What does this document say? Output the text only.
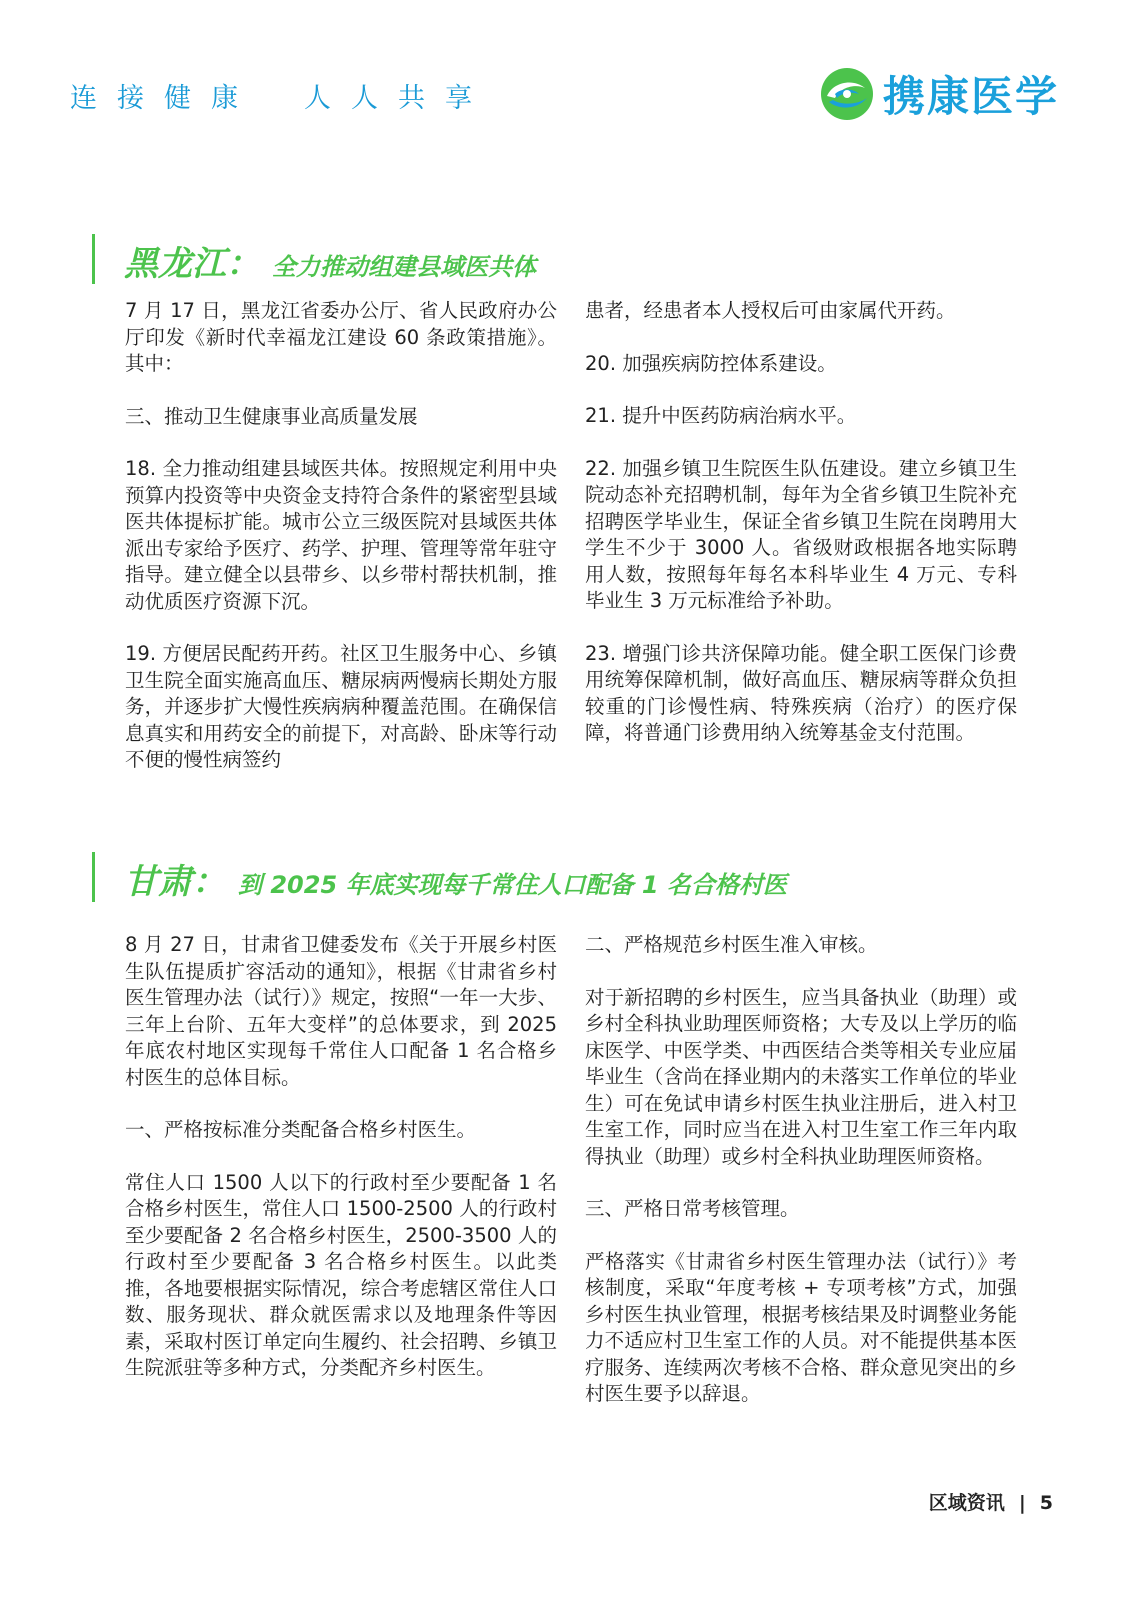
连接健康 人人共享	携康医学
黑龙江： 全力推动组建县域医共体

7 月 17 日，黑龙江省委办公厅、省人民政府办公厅印发《新时代幸福龙江建设 60 条政策措施》。其中：

三、推动卫生健康事业高质量发展

18. 全力推动组建县域医共体。按照规定利用中央预算内投资等中央资金支持符合条件的紧密型县域医共体提标扩能。城市公立三级医院对县域医共体派出专家给予医疗、药学、护理、管理等常年驻守指导。建立健全以县带乡、以乡带村帮扶机制，推动优质医疗资源下沉。

19. 方便居民配药开药。社区卫生服务中心、乡镇卫生院全面实施高血压、糖尿病两慢病长期处方服务，并逐步扩大慢性疾病病种覆盖范围。在确保信息真实和用药安全的前提下，对高龄、卧床等行动不便的慢性病签约

患者，经患者本人授权后可由家属代开药。

20. 加强疾病防控体系建设。

21. 提升中医药防病治病水平。

22. 加强乡镇卫生院医生队伍建设。建立乡镇卫生院动态补充招聘机制，每年为全省乡镇卫生院补充招聘医学毕业生，保证全省乡镇卫生院在岗聘用大学生不少于 3000 人。省级财政根据各地实际聘用人数，按照每年每名本科毕业生 4 万元、专科毕业生 3 万元标准给予补助。

23. 增强门诊共济保障功能。健全职工医保门诊费用统筹保障机制，做好高血压、糖尿病等群众负担较重的门诊慢性病、特殊疾病（治疗）的医疗保障，将普通门诊费用纳入统筹基金支付范围。

甘肃： 到 2025 年底实现每千常住人口配备 1 名合格村医

8 月 27 日，甘肃省卫健委发布《关于开展乡村医生队伍提质扩容活动的通知》，根据《甘肃省乡村医生管理办法（试行）》规定，按照“一年一大步、三年上台阶、五年大变样”的总体要求，到 2025 年底农村地区实现每千常住人口配备 1 名合格乡村医生的总体目标。

一、严格按标准分类配备合格乡村医生。

常住人口 1500 人以下的行政村至少要配备 1 名合格乡村医生，常住人口 1500-2500 人的行政村至少要配备 2 名合格乡村医生，2500-3500 人的行政村至少要配备 3 名合格乡村医生。以此类推，各地要根据实际情况，综合考虑辖区常住人口数、服务现状、群众就医需求以及地理条件等因素，采取村医订单定向生履约、社会招聘、乡镇卫生院派驻等多种方式，分类配齐乡村医生。

二、严格规范乡村医生准入审核。

对于新招聘的乡村医生，应当具备执业（助理）或乡村全科执业助理医师资格；大专及以上学历的临床医学、中医学类、中西医结合类等相关专业应届毕业生（含尚在择业期内的未落实工作单位的毕业生）可在免试申请乡村医生执业注册后，进入村卫生室工作，同时应当在进入村卫生室工作三年内取得执业（助理）或乡村全科执业助理医师资格。

三、严格日常考核管理。

严格落实《甘肃省乡村医生管理办法（试行）》考核制度，采取“年度考核 + 专项考核”方式，加强乡村医生执业管理，根据考核结果及时调整业务能力不适应村卫生室工作的人员。对不能提供基本医疗服务、连续两次考核不合格、群众意见突出的乡村医生要予以辞退。

区域资讯 | 5
